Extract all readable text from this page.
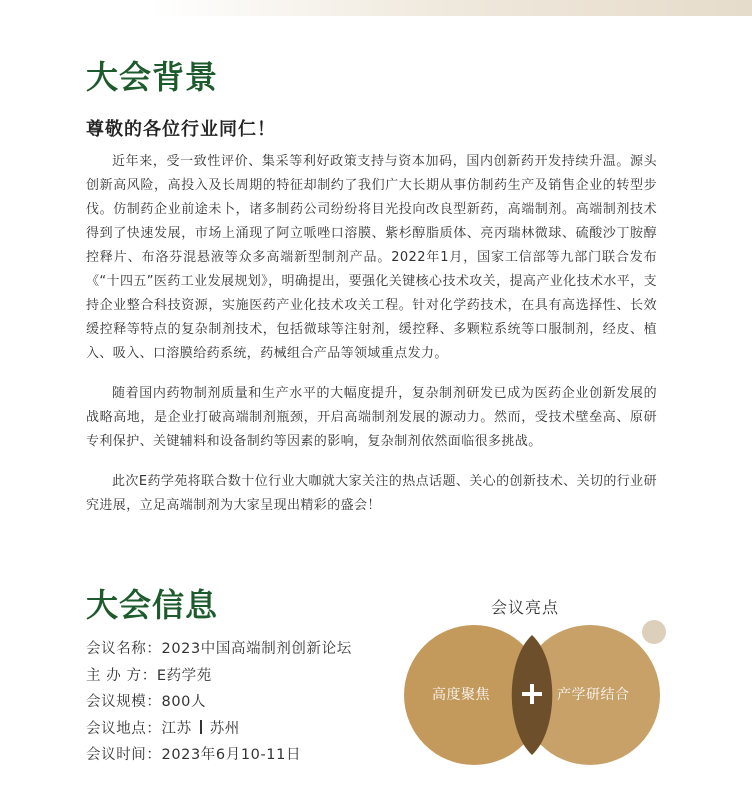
大会背景
尊敬的各位行业同仁！

近年来，受一致性评价、集采等利好政策支持与资本加码，国内创新药开发持续升温。源头创新高风险，高投入及长周期的特征却制约了我们广大长期从事仿制药生产及销售企业的转型步伐。仿制药企业前途未卜，诸多制药公司纷纷将目光投向改良型新药，高端制剂。高端制剂技术得到了快速发展，市场上涌现了阿立哌唑口溶膜、紫杉醇脂质体、亮丙瑞林微球、硫酸沙丁胺醇控释片、布洛芬混悬液等众多高端新型制剂产品。2022年1月，国家工信部等九部门联合发布《“十四五”医药工业发展规划》，明确提出，要强化关键核心技术攻关，提高产业化技术水平，支持企业整合科技资源，实施医药产业化技术攻关工程。针对化学药技术，在具有高选择性、长效缓控释等特点的复杂制剂技术，包括微球等注射剂，缓控释、多颗粒系统等口服制剂，经皮、植入、吸入、口溶膜给药系统，药械组合产品等领域重点发力。

随着国内药物制剂质量和生产水平的大幅度提升，复杂制剂研发已成为医药企业创新发展的战略高地，是企业打破高端制剂瓶颈，开启高端制剂发展的源动力。然而，受技术壁垒高、原研专利保护、关键辅料和设备制约等因素的影响，复杂制剂依然面临很多挑战。

此次E药学苑将联合数十位行业大咖就大家关注的热点话题、关心的创新技术、关切的行业研究进展，立足高端制剂为大家呈现出精彩的盛会！

大会信息
会议名称：2023中国高端制剂创新论坛
主 办 方：E药学苑
会议规模：800人
会议地点：江苏 苏州
会议时间：2023年6月10-11日
会议亮点
高度聚焦	产学研结合
